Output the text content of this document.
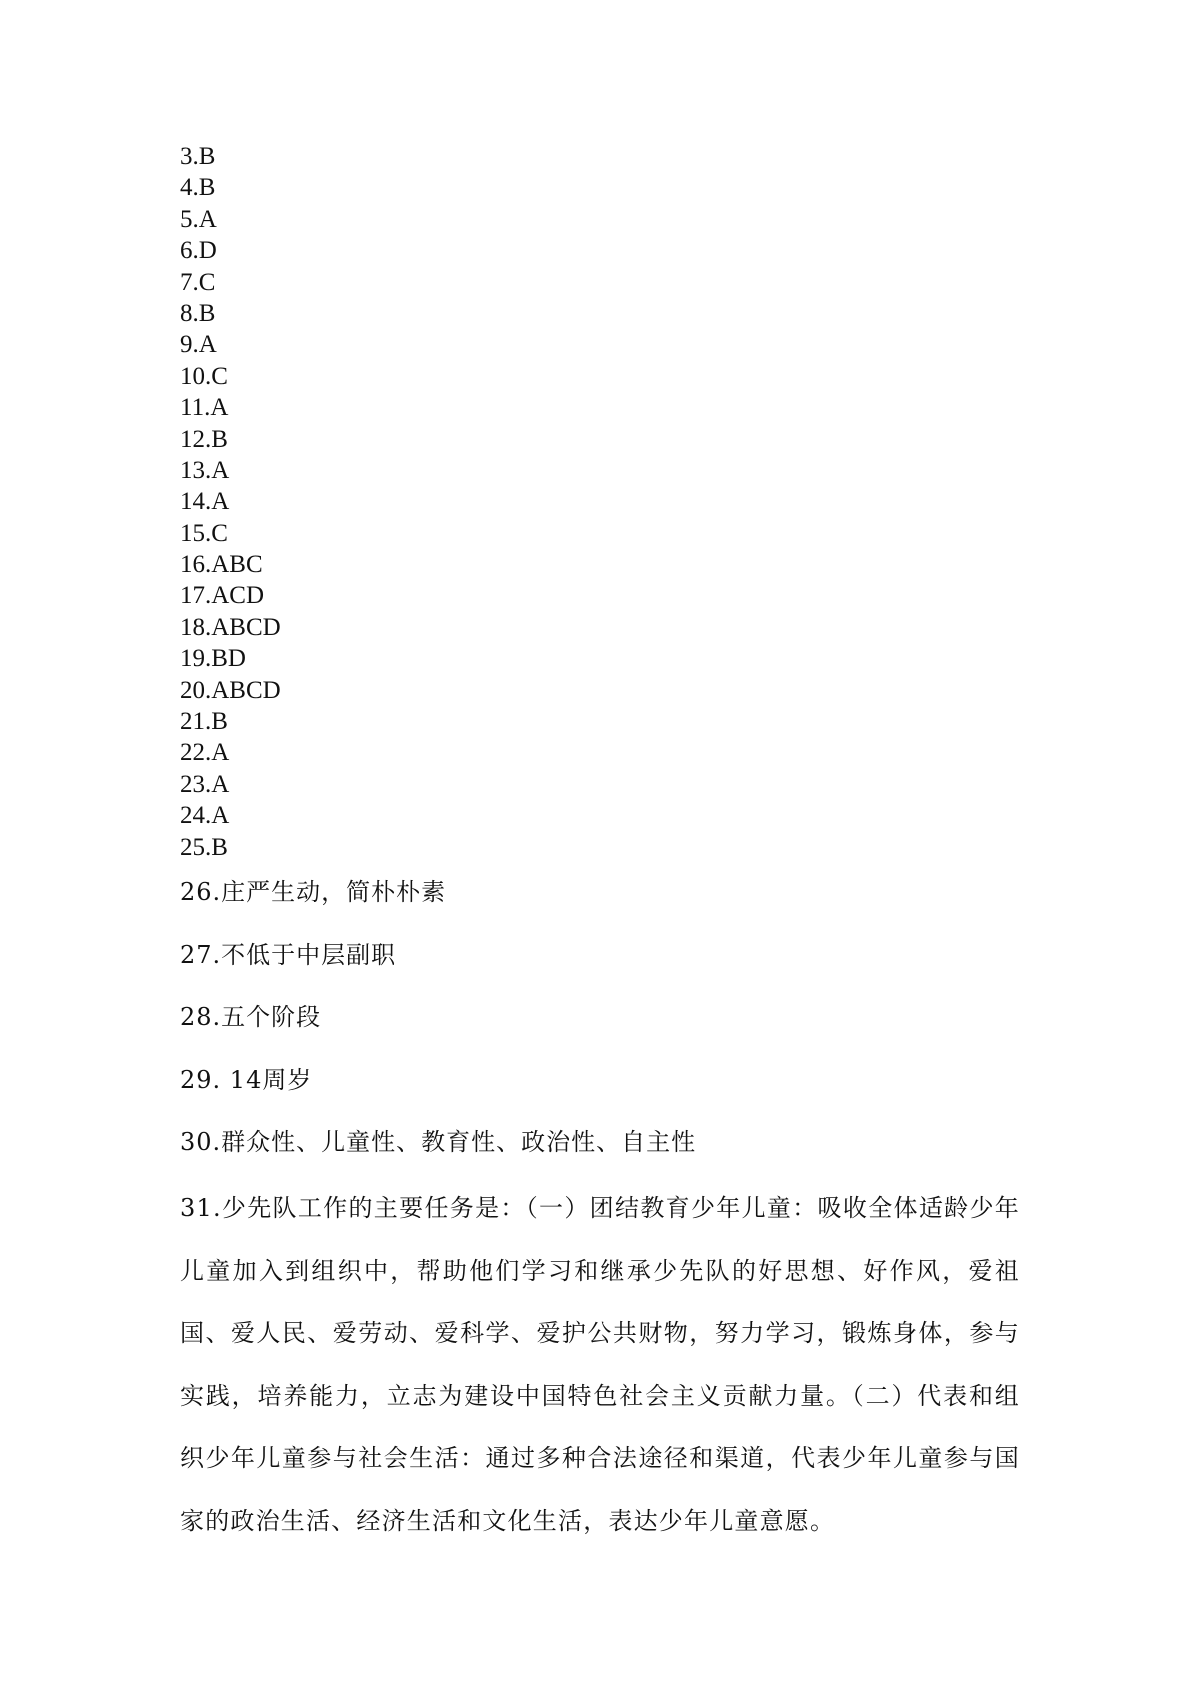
3.B
4.B
5.A
6.D
7.C
8.B
9.A
10.C
11.A
12.B
13.A
14.A
15.C
16.ABC
17.ACD
18.ABCD
19.BD
20.ABCD
21.B
22.A
23.A
24.A
25.B
26.庄严生动，简朴朴素
27.不低于中层副职
28.五个阶段
29. 14周岁
30.群众性、儿童性、教育性、政治性、自主性

31.少先队工作的主要任务是：（一）团结教育少年儿童：吸收全体适龄少年儿童加入到组织中，帮助他们学习和继承少先队的好思想、好作风，爱祖国、爱人民、爱劳动、爱科学、爱护公共财物，努力学习，锻炼身体，参与实践，培养能力，立志为建设中国特色社会主义贡献力量。（二）代表和组织少年儿童参与社会生活：通过多种合法途径和渠道，代表少年儿童参与国家的政治生活、经济生活和文化生活，表达少年儿童意愿。
